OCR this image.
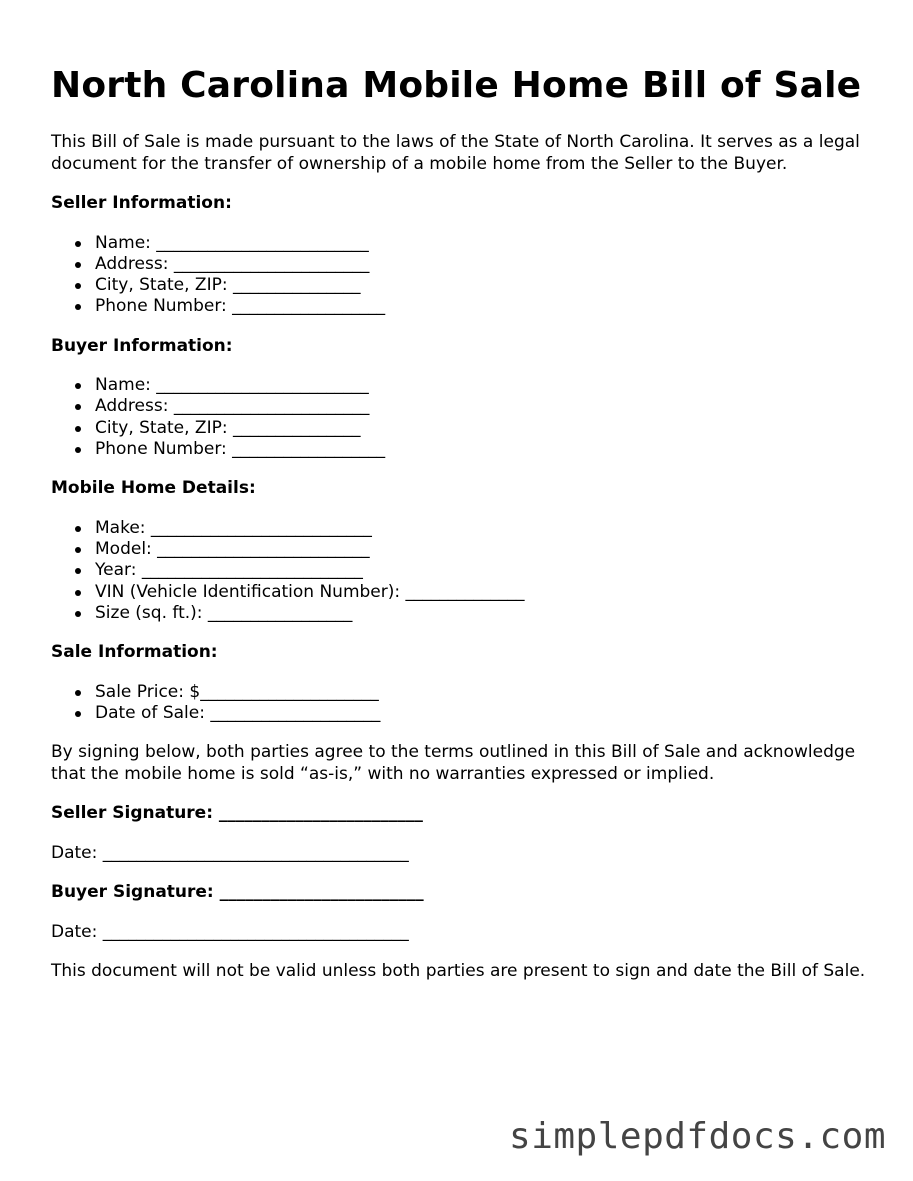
North Carolina Mobile Home Bill of Sale

This Bill of Sale is made pursuant to the laws of the State of North Carolina. It serves as a legal document for the transfer of ownership of a mobile home from the Seller to the Buyer.

Seller Information:
Name: _________________________
Address: _______________________
City, State, ZIP: _______________
Phone Number: __________________
Buyer Information:
Name: _________________________
Address: _______________________
City, State, ZIP: _______________
Phone Number: __________________
Mobile Home Details:
Make: __________________________
Model: _________________________
Year: __________________________
VIN (Vehicle Identification Number): ______________
Size (sq. ft.): _________________
Sale Information:
Sale Price: $_____________________
Date of Sale: ____________________

By signing below, both parties agree to the terms outlined in this Bill of Sale and acknowledge that the mobile home is sold “as-is,” with no warranties expressed or implied.

Seller Signature: ________________________
Date: ____________________________________
Buyer Signature: ________________________
Date: ____________________________________

This document will not be valid unless both parties are present to sign and date the Bill of Sale.

simplepdfdocs.com
